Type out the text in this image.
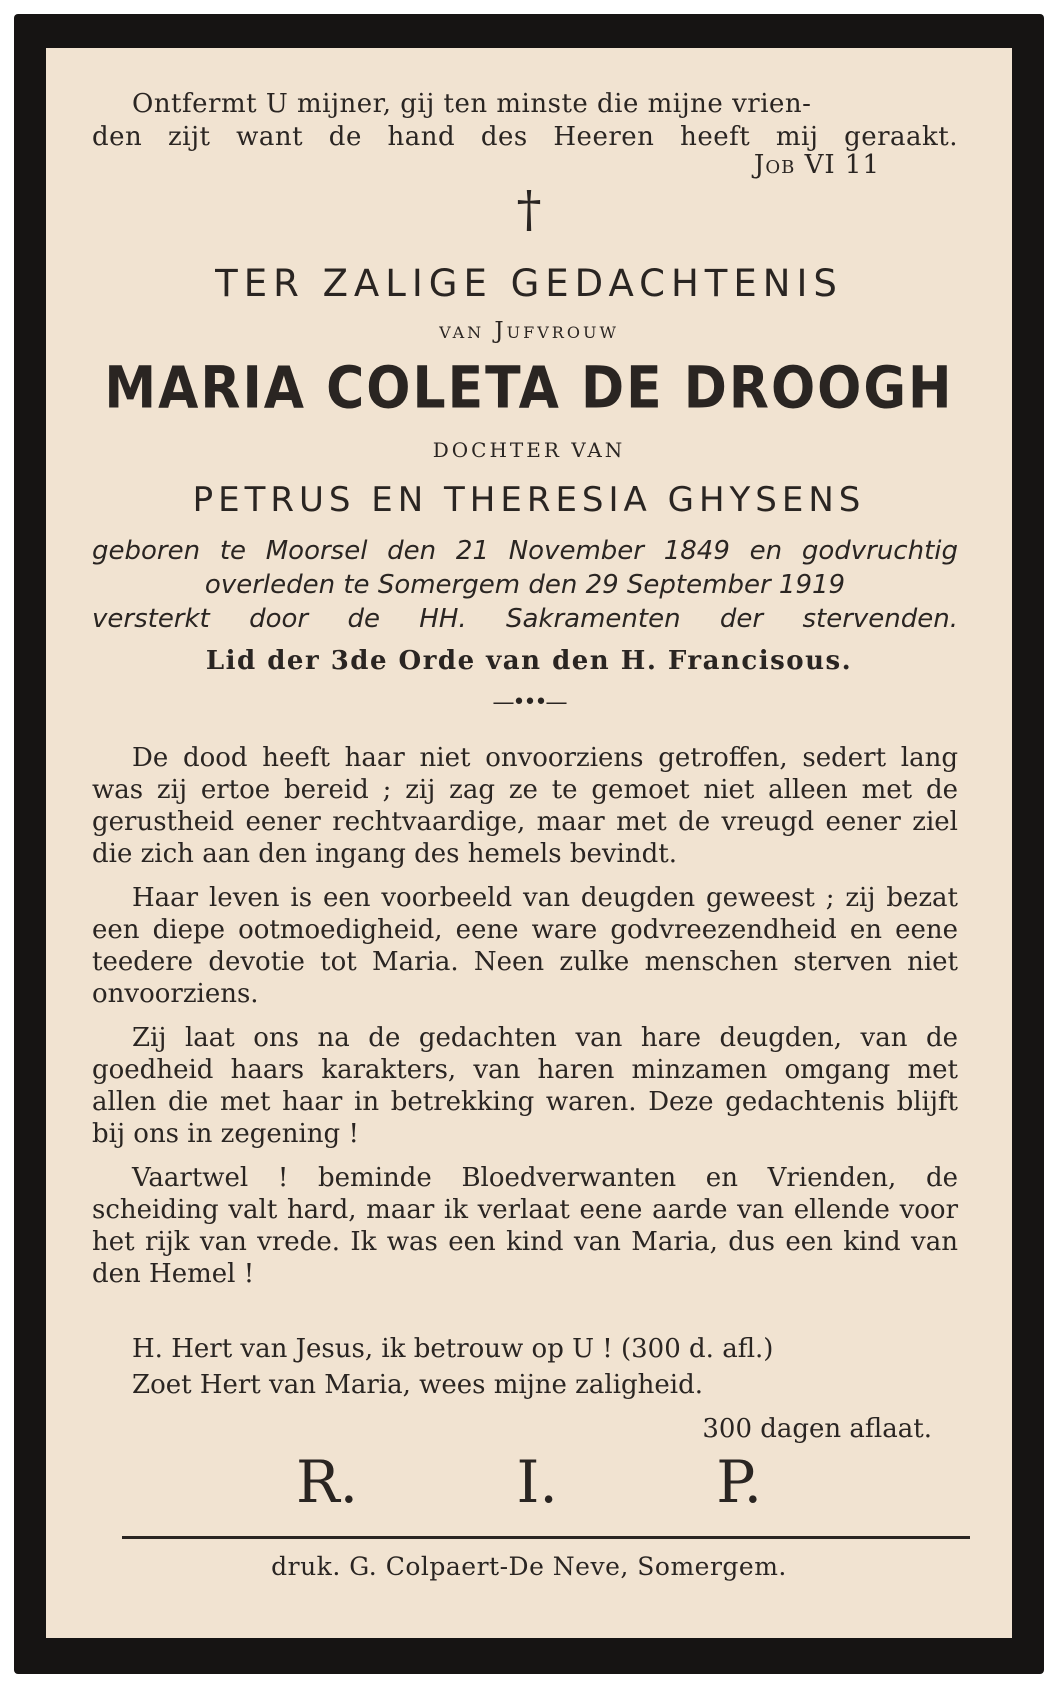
Ontfermt U mijner, gij ten minste die mijne vrien-
den zijt want de hand des Heeren heeft mij geraakt.
Job VI 11
†
TER ZALIGE GEDACHTENIS
van Jufvrouw
MARIA COLETA DE DROOGH
DOCHTER VAN
PETRUS EN THERESIA GHYSENS
geboren te Moorsel den 21 November 1849 en godvruchtig
overleden te Somergem den 29 September 1919
versterkt door de HH. Sakramenten der stervenden.
Lid der 3de Orde van den H. Francisous.
—•••—

De dood heeft haar niet onvoorziens getroffen, sedert lang was zij ertoe bereid ; zij zag ze te gemoet niet alleen met de gerustheid eener rechtvaardige, maar met de vreugd eener ziel die zich aan den ingang des hemels bevindt.

Haar leven is een voorbeeld van deugden geweest ; zij bezat een diepe ootmoedigheid, eene ware godvreezendheid en eene teedere devotie tot Maria. Neen zulke menschen sterven niet onvoorziens.

Zij laat ons na de gedachten van hare deugden, van de goedheid haars karakters, van haren minzamen omgang met allen die met haar in betrekking waren. Deze gedachtenis blijft bij ons in zegening !

Vaartwel ! beminde Bloedverwanten en Vrienden, de scheiding valt hard, maar ik verlaat eene aarde van ellende voor het rijk van vrede. Ik was een kind van Maria, dus een kind van den Hemel !

H. Hert van Jesus, ik betrouw op U ! (300 d. afl.)
Zoet Hert van Maria, wees mijne zaligheid.
300 dagen aflaat.
R. I. P.
druk. G. Colpaert-De Neve, Somergem.
